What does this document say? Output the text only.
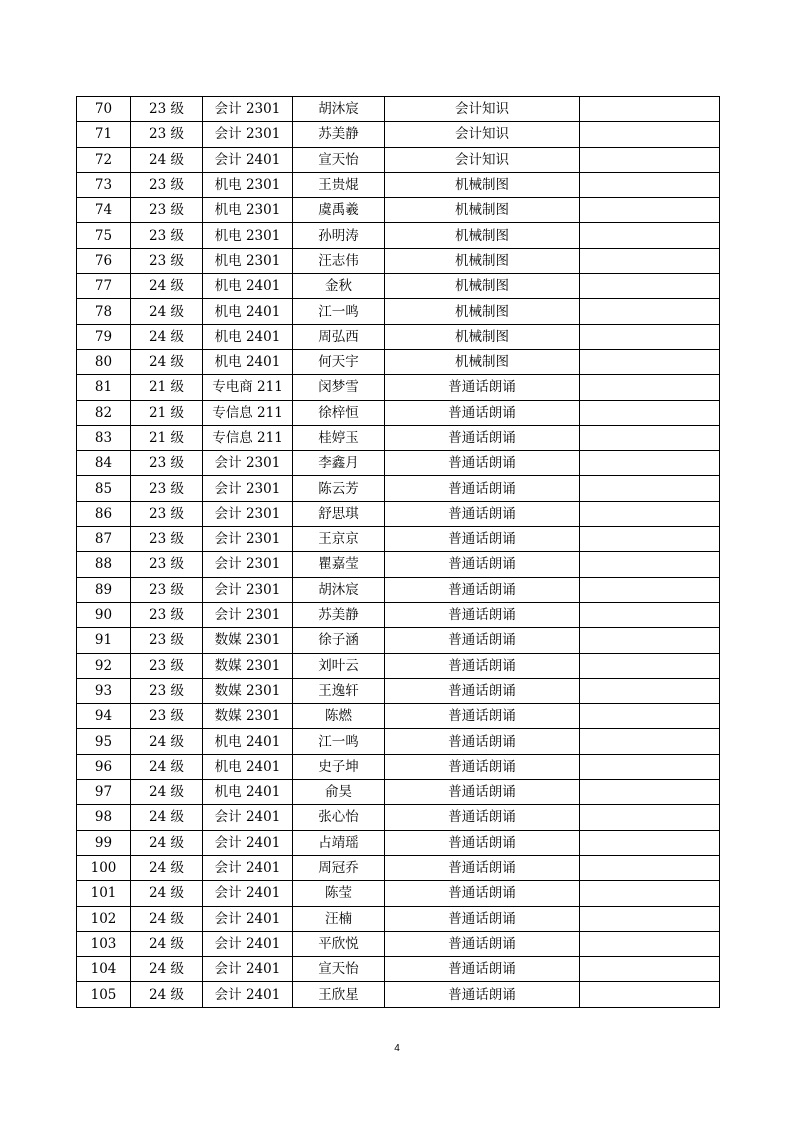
70	23 级	会计 2301	胡沐宸	会计知识	
71	23 级	会计 2301	苏美静	会计知识	
72	24 级	会计 2401	宣天怡	会计知识	
73	23 级	机电 2301	王贵焜	机械制图	
74	23 级	机电 2301	虞禹羲	机械制图	
75	23 级	机电 2301	孙明涛	机械制图	
76	23 级	机电 2301	汪志伟	机械制图	
77	24 级	机电 2401	金秋	机械制图	
78	24 级	机电 2401	江一鸣	机械制图	
79	24 级	机电 2401	周弘西	机械制图	
80	24 级	机电 2401	何天宇	机械制图	
81	21 级	专电商 211	闵梦雪	普通话朗诵	
82	21 级	专信息 211	徐梓恒	普通话朗诵	
83	21 级	专信息 211	桂婷玉	普通话朗诵	
84	23 级	会计 2301	李鑫月	普通话朗诵	
85	23 级	会计 2301	陈云芳	普通话朗诵	
86	23 级	会计 2301	舒思琪	普通话朗诵	
87	23 级	会计 2301	王京京	普通话朗诵	
88	23 级	会计 2301	瞿嘉莹	普通话朗诵	
89	23 级	会计 2301	胡沐宸	普通话朗诵	
90	23 级	会计 2301	苏美静	普通话朗诵	
91	23 级	数媒 2301	徐子涵	普通话朗诵	
92	23 级	数媒 2301	刘叶云	普通话朗诵	
93	23 级	数媒 2301	王逸轩	普通话朗诵	
94	23 级	数媒 2301	陈燃	普通话朗诵	
95	24 级	机电 2401	江一鸣	普通话朗诵	
96	24 级	机电 2401	史子坤	普通话朗诵	
97	24 级	机电 2401	俞昊	普通话朗诵	
98	24 级	会计 2401	张心怡	普通话朗诵	
99	24 级	会计 2401	占靖瑶	普通话朗诵	
100	24 级	会计 2401	周冠乔	普通话朗诵	
101	24 级	会计 2401	陈莹	普通话朗诵	
102	24 级	会计 2401	汪楠	普通话朗诵	
103	24 级	会计 2401	平欣悦	普通话朗诵	
104	24 级	会计 2401	宣天怡	普通话朗诵	
105	24 级	会计 2401	王欣星	普通话朗诵	
4
